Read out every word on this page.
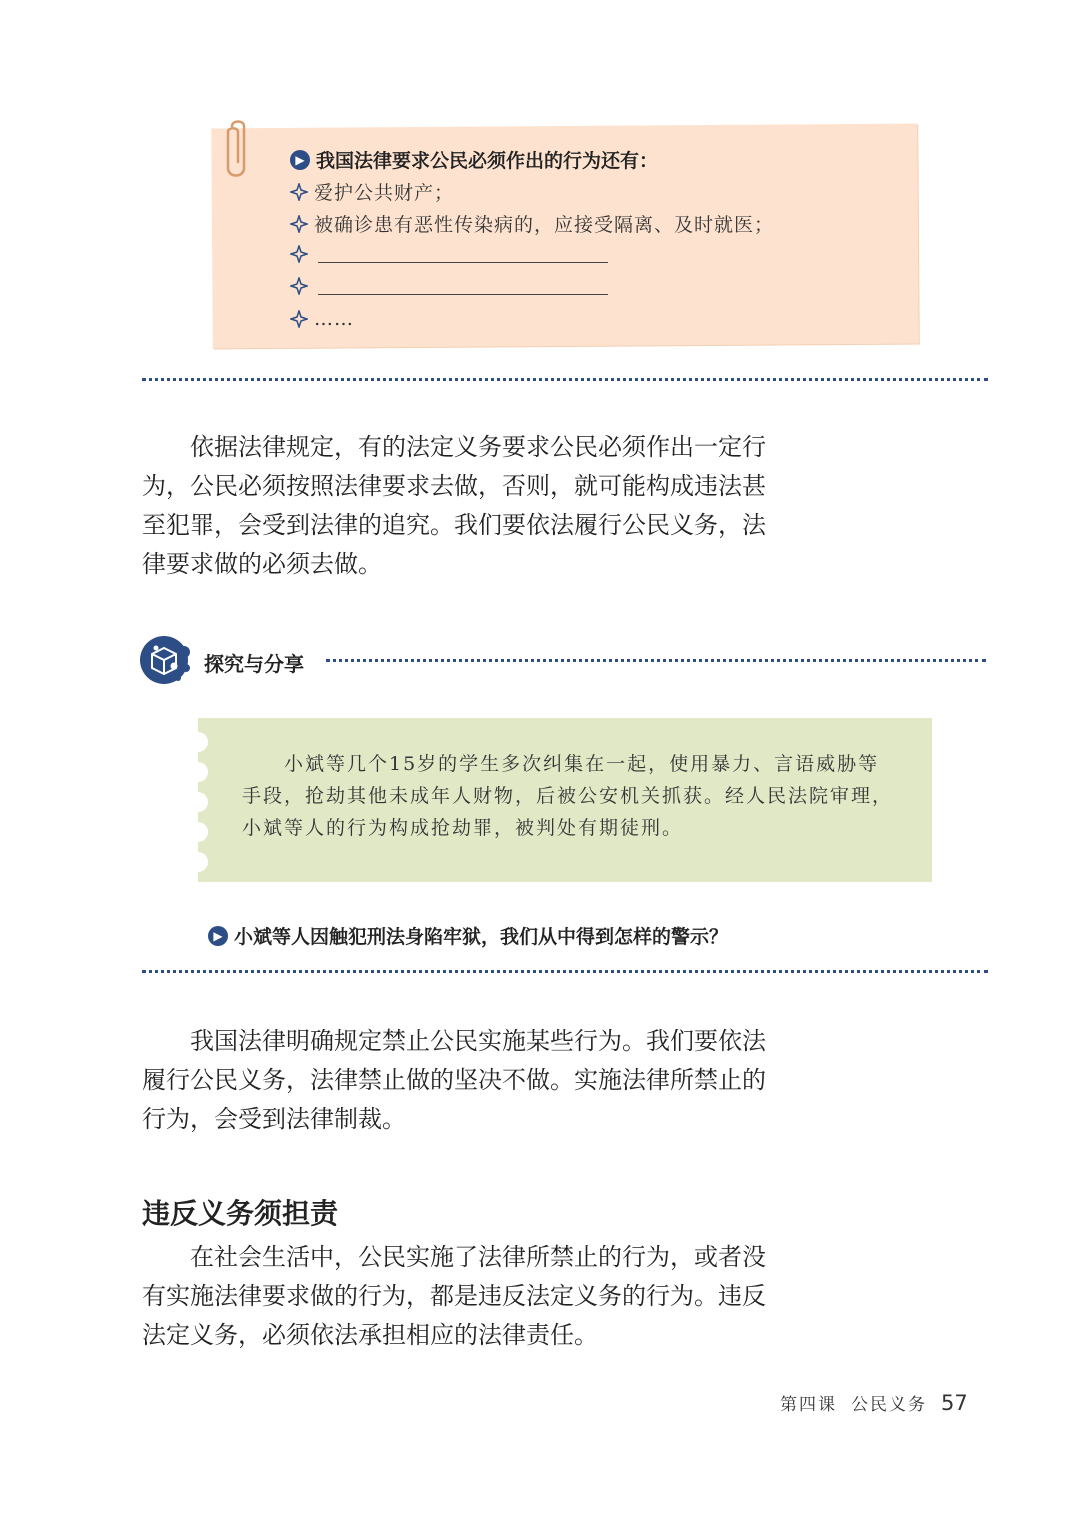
▶ 我国法律要求公民必须作出的行为还有：
爱护公共财产；
被确诊患有恶性传染病的，应接受隔离、及时就医；
……
依据法律规定，有的法定义务要求公民必须作出一定行为，公民必须按照法律要求去做，否则，就可能构成违法甚至犯罪，会受到法律的追究。我们要依法履行公民义务，法律要求做的必须去做。
探究与分享
小斌等几个15岁的学生多次纠集在一起，使用暴力、言语威胁等手段，抢劫其他未成年人财物，后被公安机关抓获。经人民法院审理，小斌等人的行为构成抢劫罪，被判处有期徒刑。
▶ 小斌等人因触犯刑法身陷牢狱，我们从中得到怎样的警示？
我国法律明确规定禁止公民实施某些行为。我们要依法履行公民义务，法律禁止做的坚决不做。实施法律所禁止的行为，会受到法律制裁。
违反义务须担责
在社会生活中，公民实施了法律所禁止的行为，或者没有实施法律要求做的行为，都是违反法定义务的行为。违反法定义务，必须依法承担相应的法律责任。
第四课 公民义务 57
